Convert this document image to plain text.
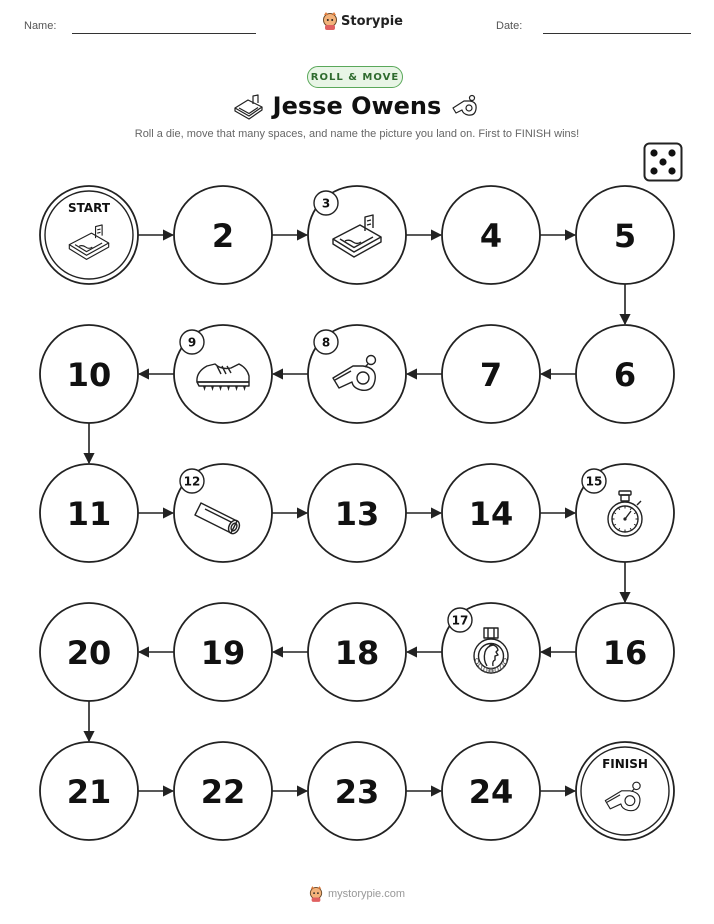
Name:	Storypie	Date:
ROLL & MOVE
Jesse Owens
Roll a die, move that many spaces, and name the picture you land on. First to FINISH wins!
START
2
3
4	5
10
9	8
7	6
11
12
13	14
15
20	19	18
17
16
21	22	23	24
FINISH
mystorypie.com
